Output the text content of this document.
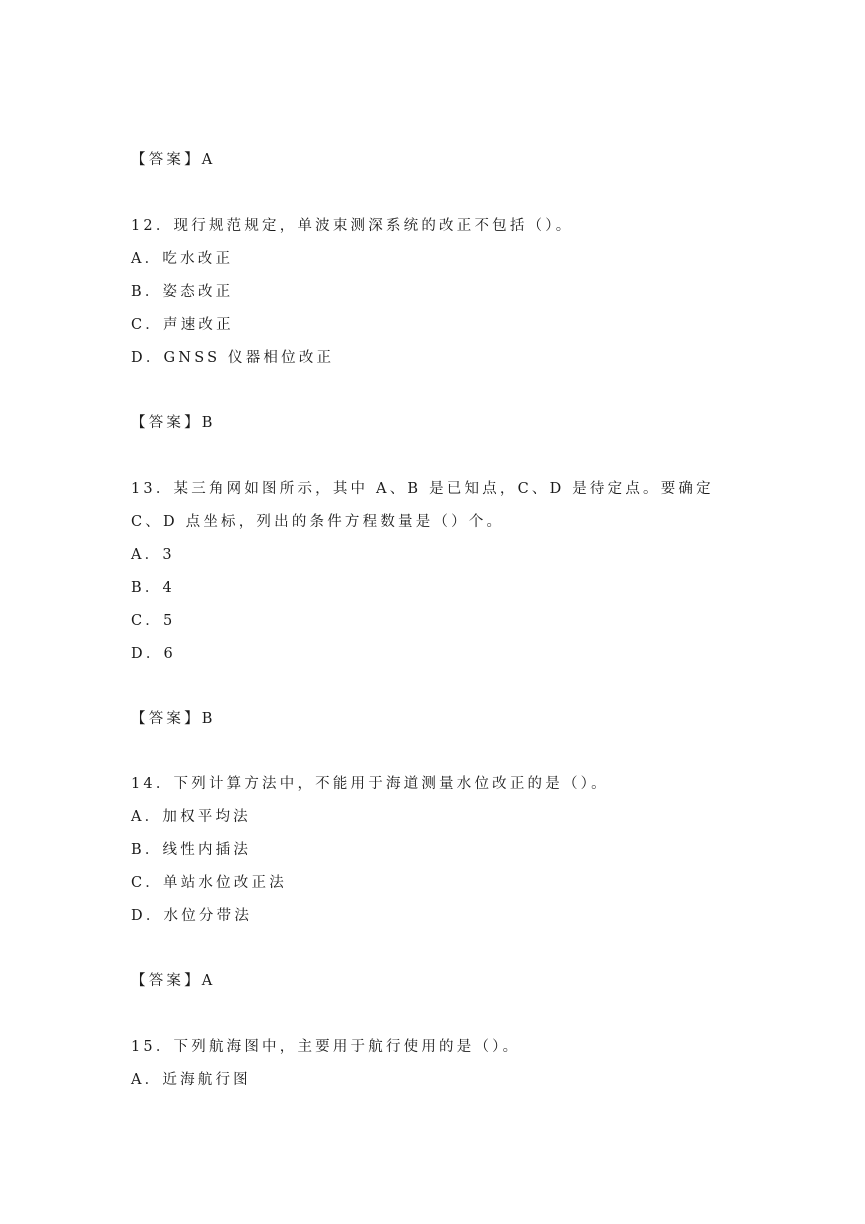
【答案】A
12．现行规范规定，单波束测深系统的改正不包括（）。
A．吃水改正
B．姿态改正
C．声速改正
D．GNSS 仪器相位改正
【答案】B
13．某三角网如图所示，其中 A、B 是已知点，C、D 是待定点。要确定
C、D 点坐标，列出的条件方程数量是（）个。
A．3
B．4
C．5
D．6
【答案】B
14．下列计算方法中，不能用于海道测量水位改正的是（）。
A．加权平均法
B．线性内插法
C．单站水位改正法
D．水位分带法
【答案】A
15．下列航海图中，主要用于航行使用的是（）。
A．近海航行图
